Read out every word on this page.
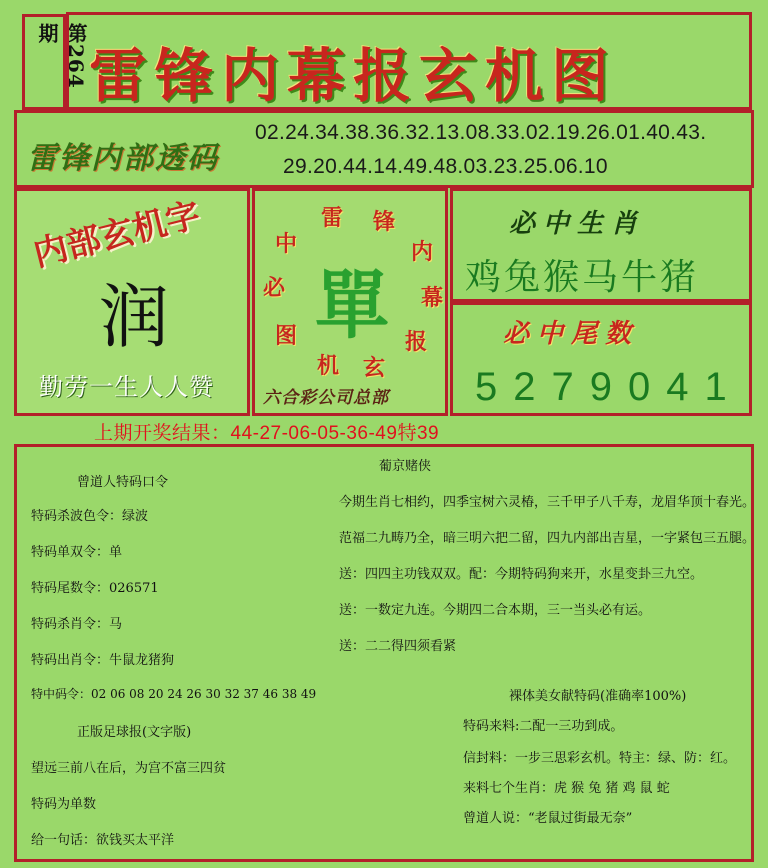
第264期
雷锋内幕报玄机图
雷锋内部透码
02.24.34.38.36.32.13.08.33.02.19.26.01.40.43.
29.20.44.14.49.48.03.23.25.06.10
内部玄机字
润
勤劳一生人人赞
雷 锋
内
幕
报
玄
机
图
必
中
單
六合彩公司总部
必中生肖
鸡兔猴马牛猪
必中尾数
5279041
上期开奖结果：44-27-06-05-36-49特39
曾道人特码口令
特码杀波色令：绿波
特码单双令：单
特码尾数令：026571
特码杀肖令：马
特码出肖令：牛鼠龙猪狗
特中码令：02 06 08 20 24 26 30 32 37 46 38 49
正版足球报(文字版)
望远三前八在后，为宫不富三四贫
特码为单数
给一句话：欲钱买太平洋
葡京赌侠
今期生肖七相约，四季宝树六灵椿，三千甲子八千寿，龙眉华顶十春光。
范福二九畴乃全，暗三明六把二留，四九内部出吉星，一字紧包三五腿。
送：四四主功钱双双。配：今期特码狗来开，水星变卦三九空。
送：一数定九连。今期四二合本期，三一当头必有运。
送：二二得四须看紧
裸体美女献特码(准确率100%)
特码来料:二配一三功到成。
信封料：一步三思彩玄机。特主：绿、防：红。
来料七个生肖：虎 猴 兔 猪 鸡 鼠 蛇
曾道人说：“老鼠过街最无奈”
